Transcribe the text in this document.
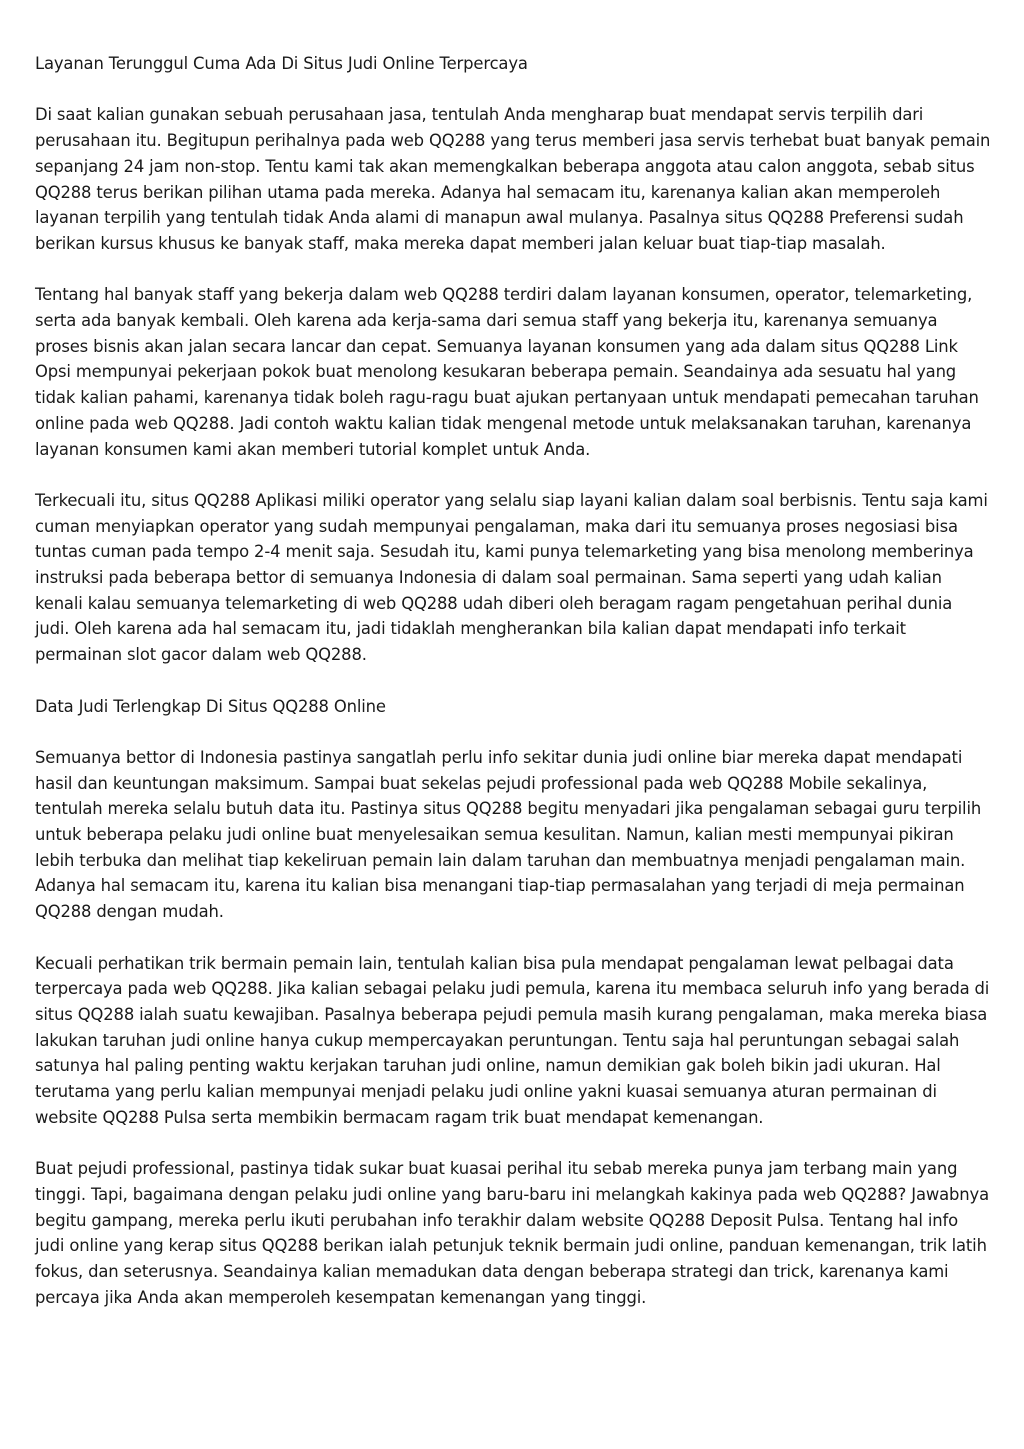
Layanan Terunggul Cuma Ada Di Situs Judi Online Terpercaya

Di saat kalian gunakan sebuah perusahaan jasa, tentulah Anda mengharap buat mendapat servis terpilih dari perusahaan itu. Begitupun perihalnya pada web QQ288 yang terus memberi jasa servis terhebat buat banyak pemain sepanjang 24 jam non-stop. Tentu kami tak akan memengkalkan beberapa anggota atau calon anggota, sebab situs QQ288 terus berikan pilihan utama pada mereka. Adanya hal semacam itu, karenanya kalian akan memperoleh layanan terpilih yang tentulah tidak Anda alami di manapun awal mulanya. Pasalnya situs QQ288 Preferensi sudah berikan kursus khusus ke banyak staff, maka mereka dapat memberi jalan keluar buat tiap-tiap masalah.

Tentang hal banyak staff yang bekerja dalam web QQ288 terdiri dalam layanan konsumen, operator, telemarketing, serta ada banyak kembali. Oleh karena ada kerja-sama dari semua staff yang bekerja itu, karenanya semuanya proses bisnis akan jalan secara lancar dan cepat. Semuanya layanan konsumen yang ada dalam situs QQ288 Link Opsi mempunyai pekerjaan pokok buat menolong kesukaran beberapa pemain. Seandainya ada sesuatu hal yang tidak kalian pahami, karenanya tidak boleh ragu-ragu buat ajukan pertanyaan untuk mendapati pemecahan taruhan online pada web QQ288. Jadi contoh waktu kalian tidak mengenal metode untuk melaksanakan taruhan, karenanya layanan konsumen kami akan memberi tutorial komplet untuk Anda.

Terkecuali itu, situs QQ288 Aplikasi miliki operator yang selalu siap layani kalian dalam soal berbisnis. Tentu saja kami cuman menyiapkan operator yang sudah mempunyai pengalaman, maka dari itu semuanya proses negosiasi bisa tuntas cuman pada tempo 2-4 menit saja. Sesudah itu, kami punya telemarketing yang bisa menolong memberinya instruksi pada beberapa bettor di semuanya Indonesia di dalam soal permainan. Sama seperti yang udah kalian kenali kalau semuanya telemarketing di web QQ288 udah diberi oleh beragam ragam pengetahuan perihal dunia judi. Oleh karena ada hal semacam itu, jadi tidaklah mengherankan bila kalian dapat mendapati info terkait permainan slot gacor dalam web QQ288.

Data Judi Terlengkap Di Situs QQ288 Online

Semuanya bettor di Indonesia pastinya sangatlah perlu info sekitar dunia judi online biar mereka dapat mendapati hasil dan keuntungan maksimum. Sampai buat sekelas pejudi professional pada web QQ288 Mobile sekalinya, tentulah mereka selalu butuh data itu. Pastinya situs QQ288 begitu menyadari jika pengalaman sebagai guru terpilih untuk beberapa pelaku judi online buat menyelesaikan semua kesulitan. Namun, kalian mesti mempunyai pikiran lebih terbuka dan melihat tiap kekeliruan pemain lain dalam taruhan dan membuatnya menjadi pengalaman main. Adanya hal semacam itu, karena itu kalian bisa menangani tiap-tiap permasalahan yang terjadi di meja permainan QQ288 dengan mudah.

Kecuali perhatikan trik bermain pemain lain, tentulah kalian bisa pula mendapat pengalaman lewat pelbagai data terpercaya pada web QQ288. Jika kalian sebagai pelaku judi pemula, karena itu membaca seluruh info yang berada di situs QQ288 ialah suatu kewajiban. Pasalnya beberapa pejudi pemula masih kurang pengalaman, maka mereka biasa lakukan taruhan judi online hanya cukup mempercayakan peruntungan. Tentu saja hal peruntungan sebagai salah satunya hal paling penting waktu kerjakan taruhan judi online, namun demikian gak boleh bikin jadi ukuran. Hal terutama yang perlu kalian mempunyai menjadi pelaku judi online yakni kuasai semuanya aturan permainan di website QQ288 Pulsa serta membikin bermacam ragam trik buat mendapat kemenangan.

Buat pejudi professional, pastinya tidak sukar buat kuasai perihal itu sebab mereka punya jam terbang main yang tinggi. Tapi, bagaimana dengan pelaku judi online yang baru-baru ini melangkah kakinya pada web QQ288? Jawabnya begitu gampang, mereka perlu ikuti perubahan info terakhir dalam website QQ288 Deposit Pulsa. Tentang hal info judi online yang kerap situs QQ288 berikan ialah petunjuk teknik bermain judi online, panduan kemenangan, trik latih fokus, dan seterusnya. Seandainya kalian memadukan data dengan beberapa strategi dan trick, karenanya kami percaya jika Anda akan memperoleh kesempatan kemenangan yang tinggi.
